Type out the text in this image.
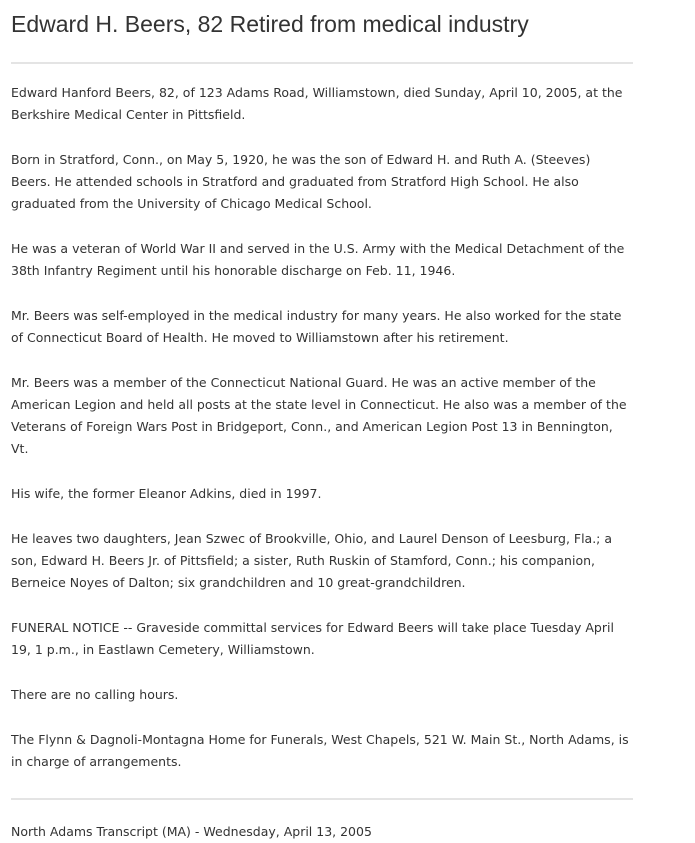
Edward H. Beers, 82 Retired from medical industry

Edward Hanford Beers, 82, of 123 Adams Road, Williamstown, died Sunday, April 10, 2005, at the Berkshire Medical Center in Pittsfield.

Born in Stratford, Conn., on May 5, 1920, he was the son of Edward H. and Ruth A. (Steeves) Beers. He attended schools in Stratford and graduated from Stratford High School. He also graduated from the University of Chicago Medical School.

He was a veteran of World War II and served in the U.S. Army with the Medical Detachment of the 38th Infantry Regiment until his honorable discharge on Feb. 11, 1946.

Mr. Beers was self-employed in the medical industry for many years. He also worked for the state of Connecticut Board of Health. He moved to Williamstown after his retirement.

Mr. Beers was a member of the Connecticut National Guard. He was an active member of the American Legion and held all posts at the state level in Connecticut. He also was a member of the Veterans of Foreign Wars Post in Bridgeport, Conn., and American Legion Post 13 in Bennington, Vt.

His wife, the former Eleanor Adkins, died in 1997.

He leaves two daughters, Jean Szwec of Brookville, Ohio, and Laurel Denson of Leesburg, Fla.; a son, Edward H. Beers Jr. of Pittsfield; a sister, Ruth Ruskin of Stamford, Conn.; his companion, Berneice Noyes of Dalton; six grandchildren and 10 great-grandchildren.

FUNERAL NOTICE -- Graveside committal services for Edward Beers will take place Tuesday April 19, 1 p.m., in Eastlawn Cemetery, Williamstown.

There are no calling hours.

The Flynn & Dagnoli-Montagna Home for Funerals, West Chapels, 521 W. Main St., North Adams, is in charge of arrangements.

North Adams Transcript (MA) - Wednesday, April 13, 2005
